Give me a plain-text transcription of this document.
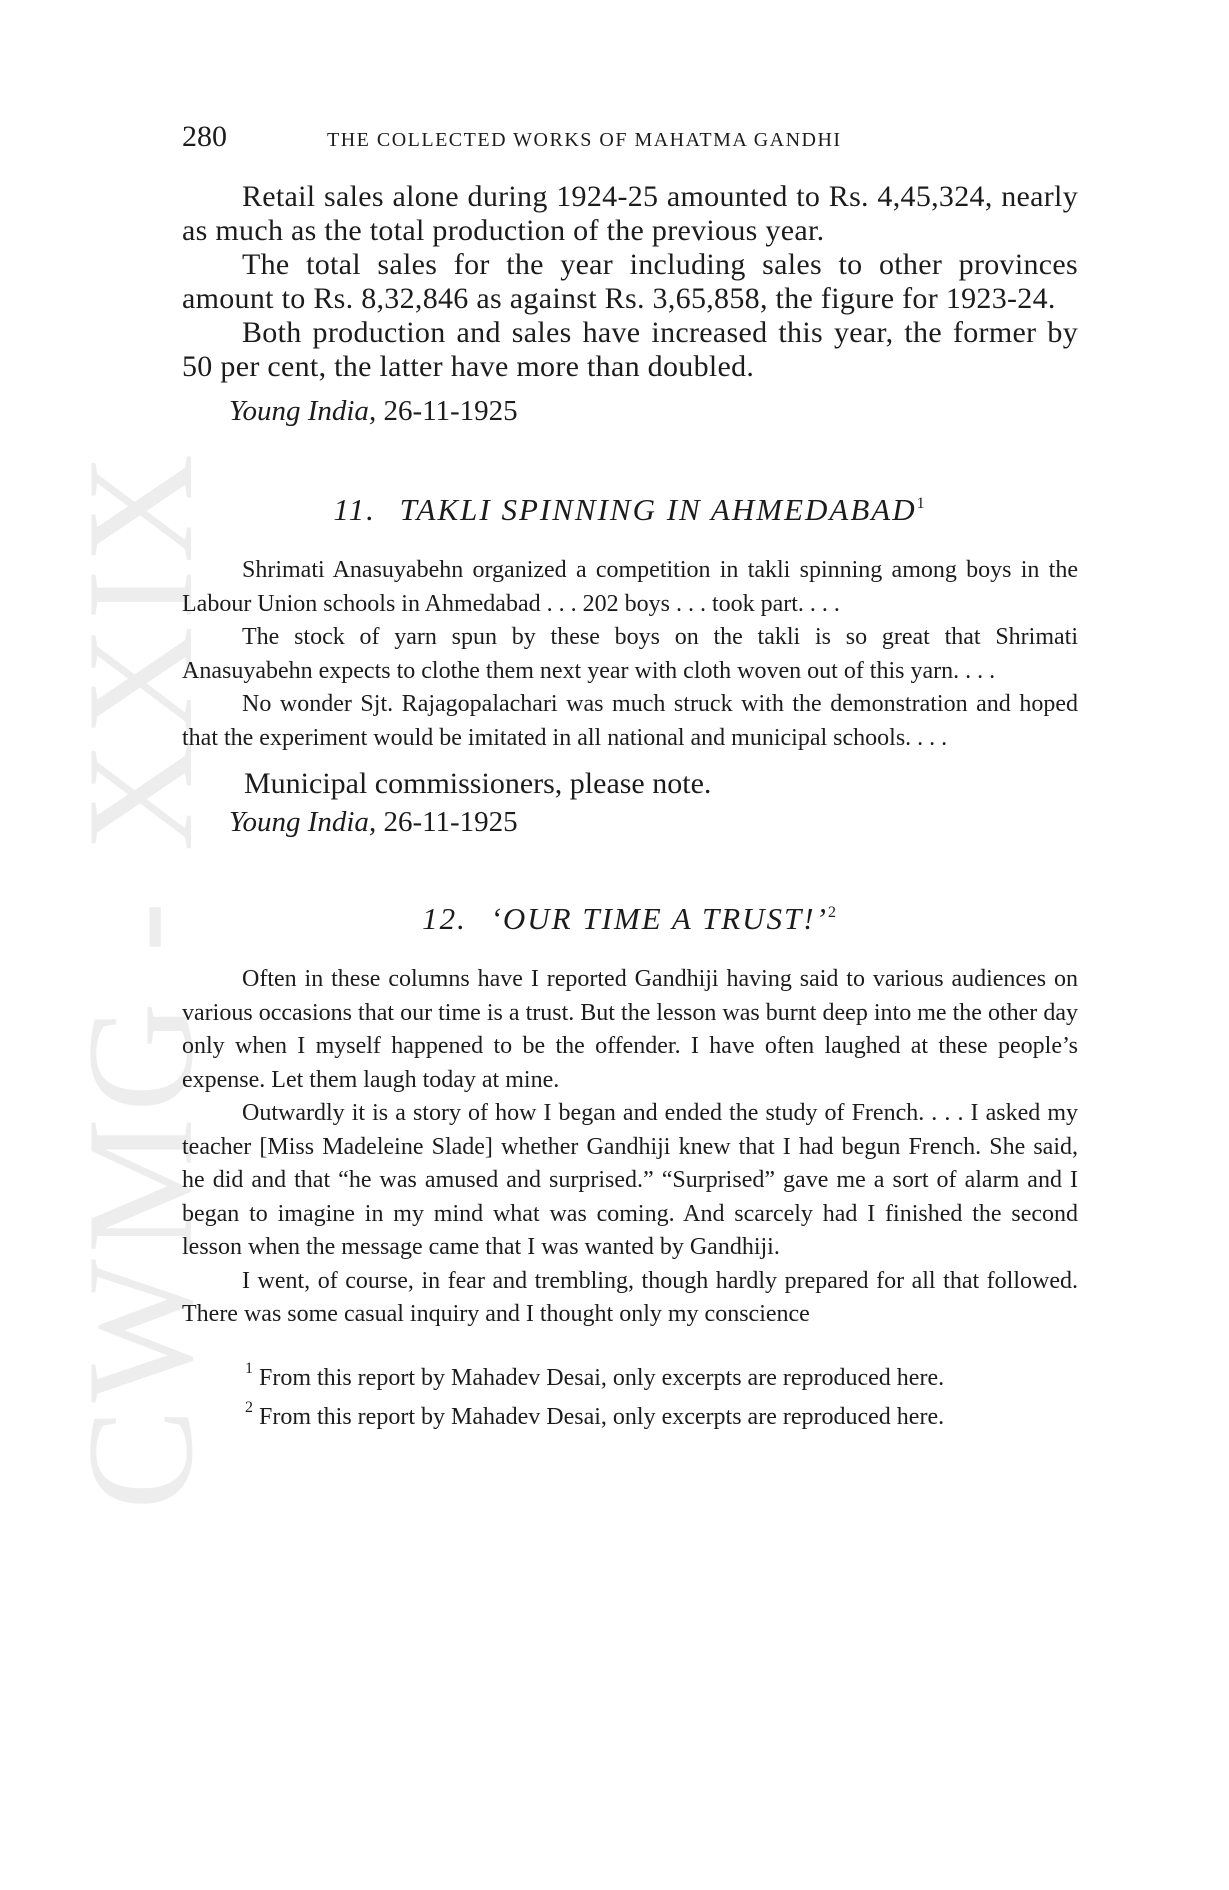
CWMG - XXIX
280	THE COLLECTED WORKS OF MAHATMA GANDHI

Retail sales alone during 1924-25 amounted to Rs. 4,45,324, nearly as much as the total production of the previous year.

The total sales for the year including sales to other provinces amount to Rs. 8,32,846 as against Rs. 3,65,858, the figure for 1923-24.

Both production and sales have increased this year, the former by 50 per cent, the latter have more than doubled.

Young India, 26-11-1925
11. TAKLI SPINNING IN AHMEDABAD$^1$

Shrimati Anasuyabehn organized a competition in takli spinning among boys in the Labour Union schools in Ahmedabad . . . 202 boys . . . took part. . . .

The stock of yarn spun by these boys on the takli is so great that Shrimati Anasuyabehn expects to clothe them next year with cloth woven out of this yarn. . . .

No wonder Sjt. Rajagopalachari was much struck with the demonstration and hoped that the experiment would be imitated in all national and municipal schools. . . .

Municipal commissioners, please note.
Young India, 26-11-1925
12. ‘OUR TIME A TRUST!’$^2$

Often in these columns have I reported Gandhiji having said to various audiences on various occasions that our time is a trust. But the lesson was burnt deep into me the other day only when I myself happened to be the offender. I have often laughed at these people’s expense. Let them laugh today at mine.

Outwardly it is a story of how I began and ended the study of French. . . . I asked my teacher [Miss Madeleine Slade] whether Gandhiji knew that I had begun French. She said, he did and that “he was amused and surprised.” “Surprised” gave me a sort of alarm and I began to imagine in my mind what was coming. And scarcely had I finished the second lesson when the message came that I was wanted by Gandhiji.

I went, of course, in fear and trembling, though hardly prepared for all that followed. There was some casual inquiry and I thought only my conscience

$^1$ From this report by Mahadev Desai, only excerpts are reproduced here.
$^2$ From this report by Mahadev Desai, only excerpts are reproduced here.
